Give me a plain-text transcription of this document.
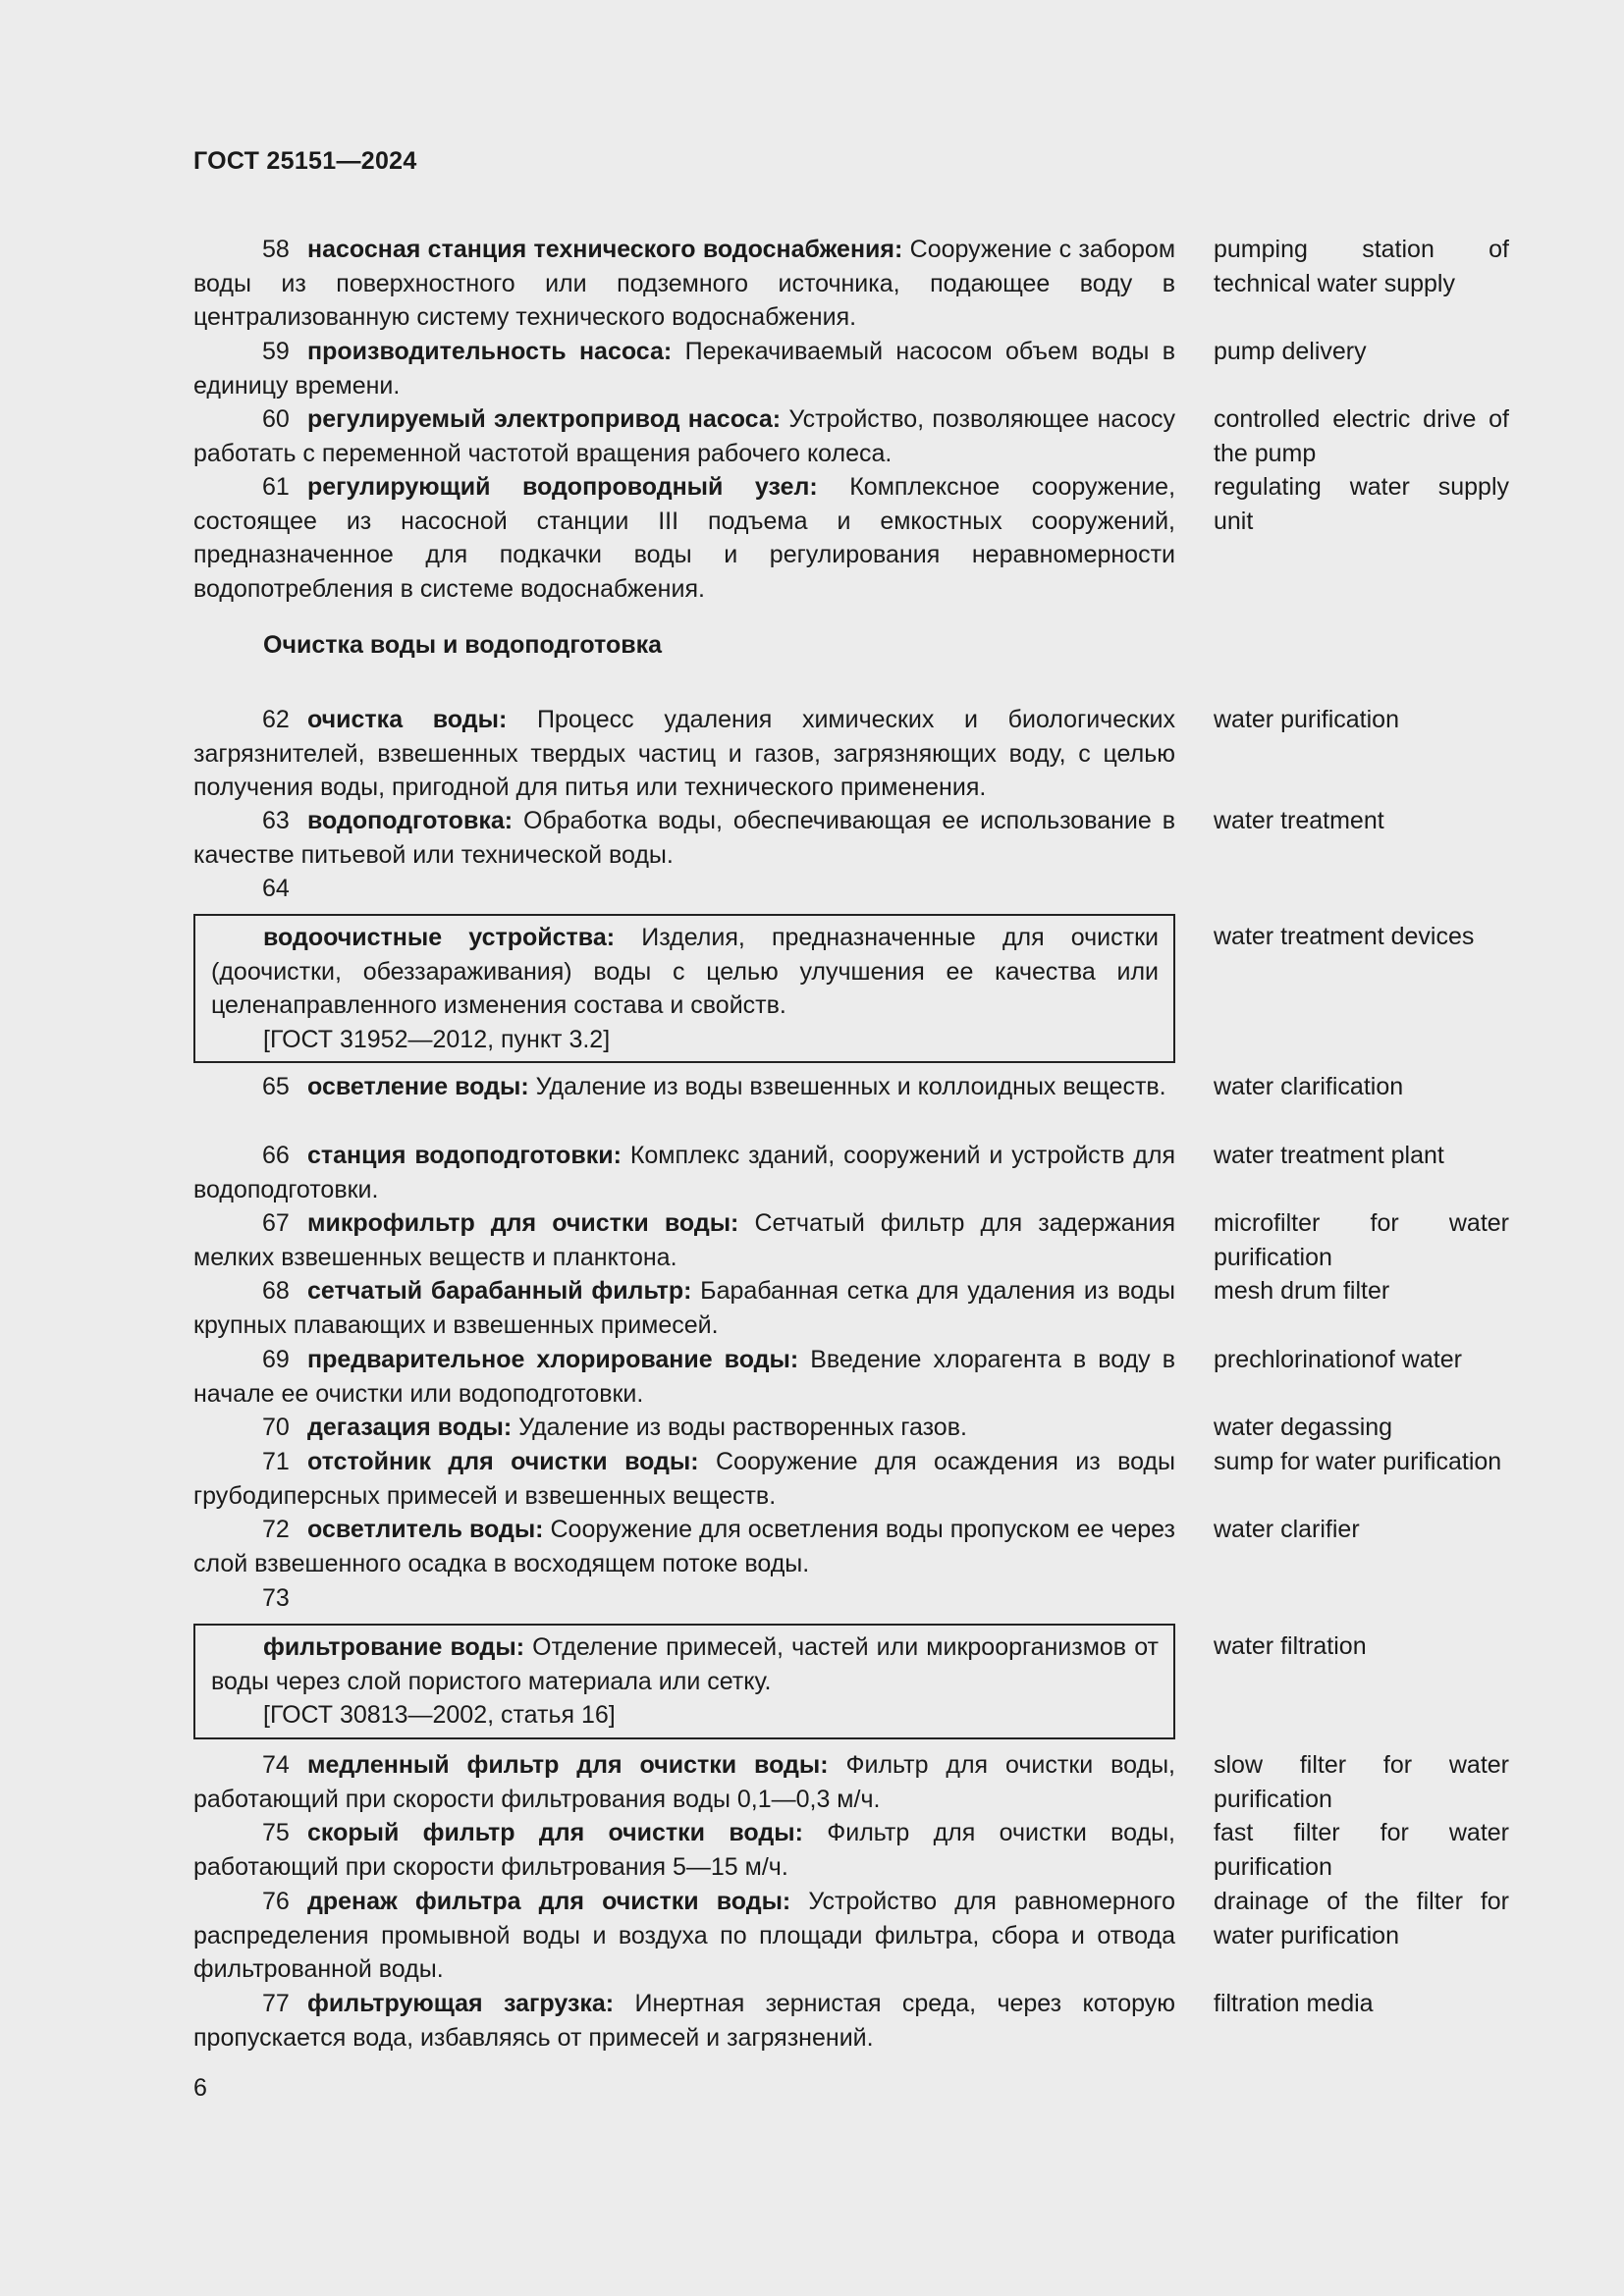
ГОСТ 25151—2024
58 насосная станция технического водоснабжения: Сооружение с забором воды из поверхностного или подземного источника, подающее воду в централизованную систему технического водоснабжения.
pumping station of technical water supply
59 производительность насоса: Перекачиваемый насосом объем воды в единицу времени.
pump delivery
60 регулируемый электропривод насоса: Устройство, позволяющее насосу работать с переменной частотой вращения рабочего колеса.
controlled electric drive of the pump
61 регулирующий водопроводный узел: Комплексное сооружение, состоящее из насосной станции III подъема и емкостных сооружений, предназначенное для подкачки воды и регулирования неравномерности водопотребления в системе водоснабжения.
regulating water supply unit
Очистка воды и водоподготовка
62 очистка воды: Процесс удаления химических и биологических загрязнителей, взвешенных твердых частиц и газов, загрязняющих воду, с целью получения воды, пригодной для питья или технического применения.
water purification
63 водоподготовка: Обработка воды, обеспечивающая ее использование в качестве питьевой или технической воды.
water treatment
64
водоочистные устройства: Изделия, предназначенные для очистки (доочистки, обеззараживания) воды с целью улучшения ее качества или целенаправленного изменения состава и свойств.
[ГОСТ 31952—2012, пункт 3.2]
water treatment devices
65 осветление воды: Удаление из воды взвешенных и коллоидных веществ.	water clarification
66 станция водоподготовки: Комплекс зданий, сооружений и устройств для водоподготовки.
water treatment plant
67 микрофильтр для очистки воды: Сетчатый фильтр для задержания мелких взвешенных веществ и планктона.
microfilter for water purification
68 сетчатый барабанный фильтр: Барабанная сетка для удаления из воды крупных плавающих и взвешенных примесей.
mesh drum filter
69 предварительное хлорирование воды: Введение хлорагента в воду в начале ее очистки или водоподготовки.
prechlorinationof water
70 дегазация воды: Удаление из воды растворенных газов.	water degassing
71 отстойник для очистки воды: Сооружение для осаждения из воды грубодиперсных примесей и взвешенных веществ.
sump for water purification
72 осветлитель воды: Сооружение для осветления воды пропуском ее через слой взвешенного осадка в восходящем потоке воды.
water clarifier
73
фильтрование воды: Отделение примесей, частей или микроорганизмов от воды через слой пористого материала или сетку.
[ГОСТ 30813—2002, статья 16]
water filtration
74 медленный фильтр для очистки воды: Фильтр для очистки воды, работающий при скорости фильтрования воды 0,1—0,3 м/ч.
slow filter for water purification
75 скорый фильтр для очистки воды: Фильтр для очистки воды, работающий при скорости фильтрования 5—15 м/ч.
fast filter for water purification
76 дренаж фильтра для очистки воды: Устройство для равномерного распределения промывной воды и воздуха по площади фильтра, сбора и отвода фильтрованной воды.
drainage of the filter for water purification
77 фильтрующая загрузка: Инертная зернистая среда, через которую пропускается вода, избавляясь от примесей и загрязнений.
filtration media
6
